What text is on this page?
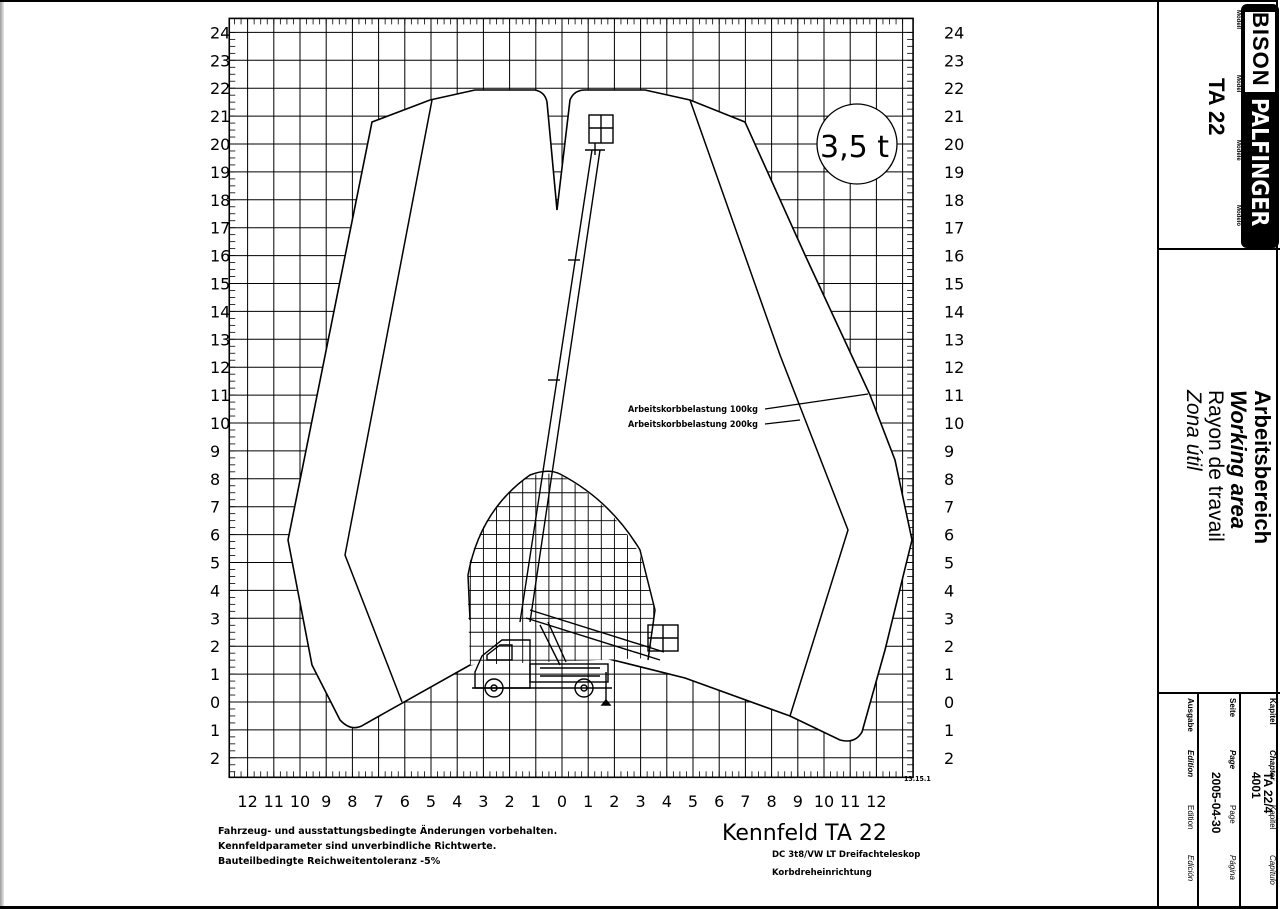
24
23
22
21
20
19
18
17
16
15
14
13
12
11
10
9
8
7
6
5
4
3
2
1
0
1
2
24
23
22
21
20
19
18
17
16
15
14
13
12
11
10
9
8
7
6
5
4
3
2
1
0
1
2
12 11 10 9 8 7 6 5 4 3 2 1 0 1 2 3 4 5 6 7 8 9 10 11 12
3,5 t
Arbeitskorbbelastung 100kg
Arbeitskorbbelastung 200kg
13.15.1
Fahrzeug- und ausstattungsbedingte Änderungen vorbehalten.
Kennfeldparameter sind unverbindliche Richtwerte.
Bauteilbedingte Reichweitentoleranz -5%
Kennfeld TA 22
DC 3t8/VW LT Dreifachteleskop
Korbdreheinrichtung
BISON
PALFINGER
Modell
Model
Modèle
Modelo
TA 22
Arbeitsbereich
Working area
Rayon de travail
Zona útil
Kapitel
Chapter
Kapitel
Capítulo
TA 22/4
4001
Seite
Page
Page
Página
2005-04-30
Ausgabe
Edition
Edition
Edición
